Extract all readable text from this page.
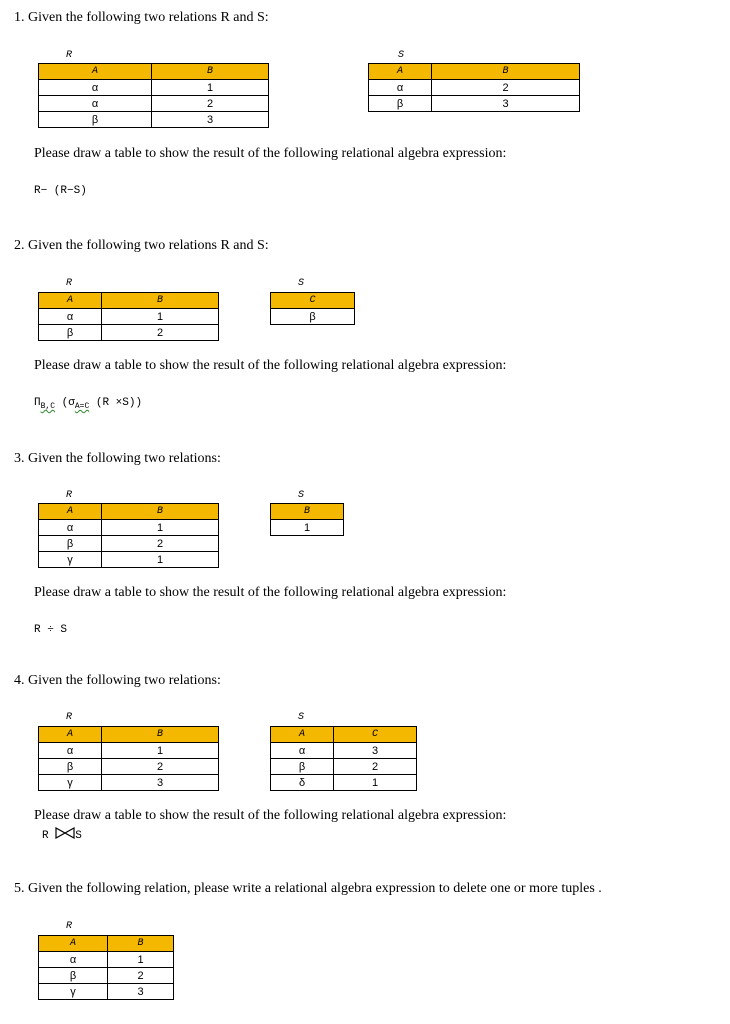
1. Given the following two relations R and S:
R
A	B
α	1
α	2
β	3
S
A	B
α	2
β	3
Please draw a table to show the result of the following relational algebra expression:
R− (R−S)
2. Given the following two relations R and S:
R
A	B
α	1
β	2
S
C
β
Please draw a table to show the result of the following relational algebra expression:
$\Pi_{B,C}$ ($\sigma_{A=C}$ (R ×S))
3. Given the following two relations:
R
A	B
α	1
β	2
γ	1
S
B
1
Please draw a table to show the result of the following relational algebra expression:
R ÷ S
4. Given the following two relations:
R
A	B
α	1
β	2
γ	3
S
A	C
α	3
β	2
δ	1
Please draw a table to show the result of the following relational algebra expression:
R S
5. Given the following relation, please write a relational algebra expression to delete one or more tuples .
R
A	B
α	1
β	2
γ	3
